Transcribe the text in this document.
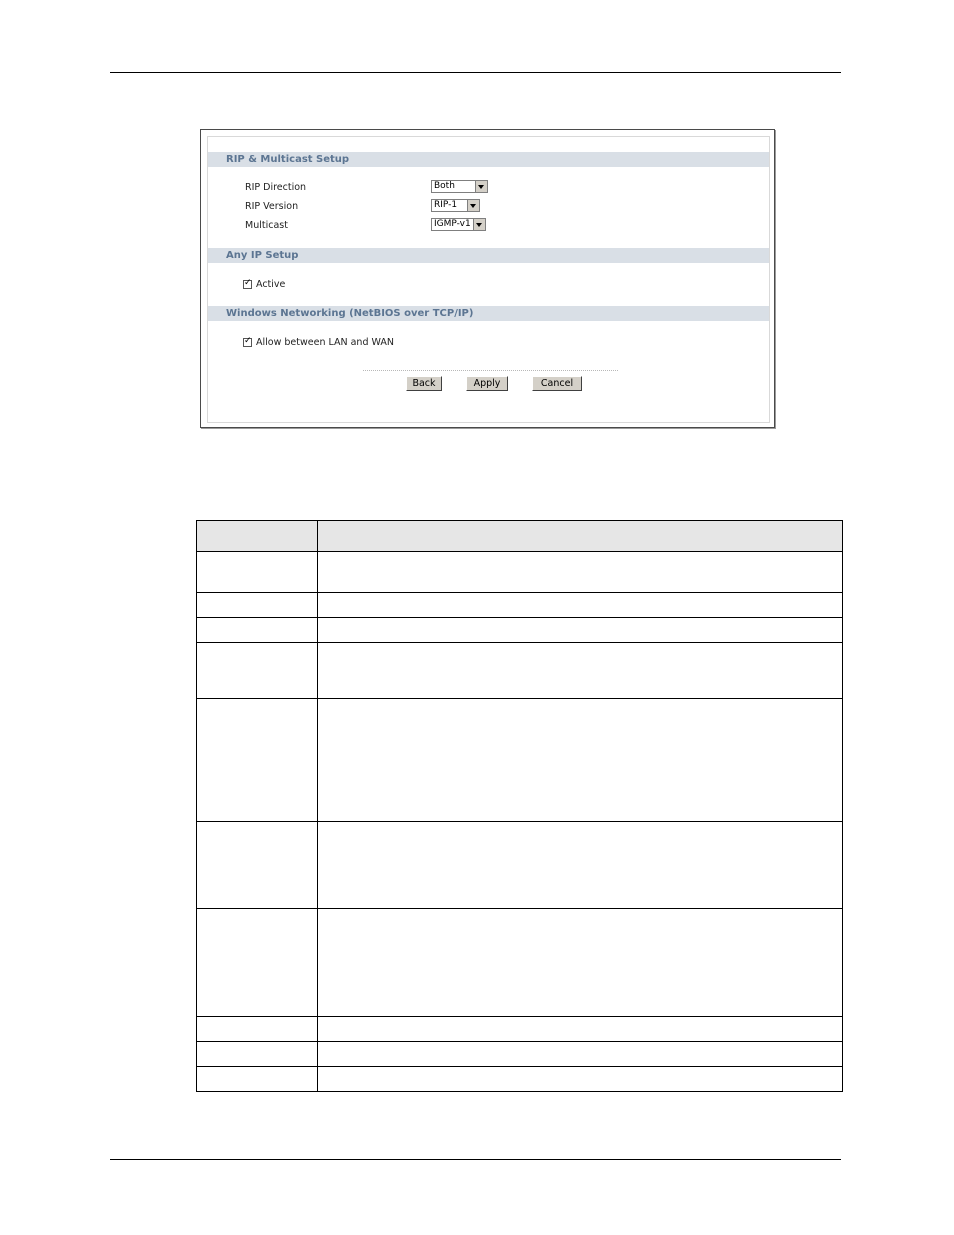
RIP & Multicast Setup
RIP Direction	Both
RIP Version	RIP-1
Multicast	IGMP-v1
Any IP Setup
✓
Active
Windows Networking (NetBIOS over TCP/IP)
✓
Allow between LAN and WAN
Back	Apply	Cancel
